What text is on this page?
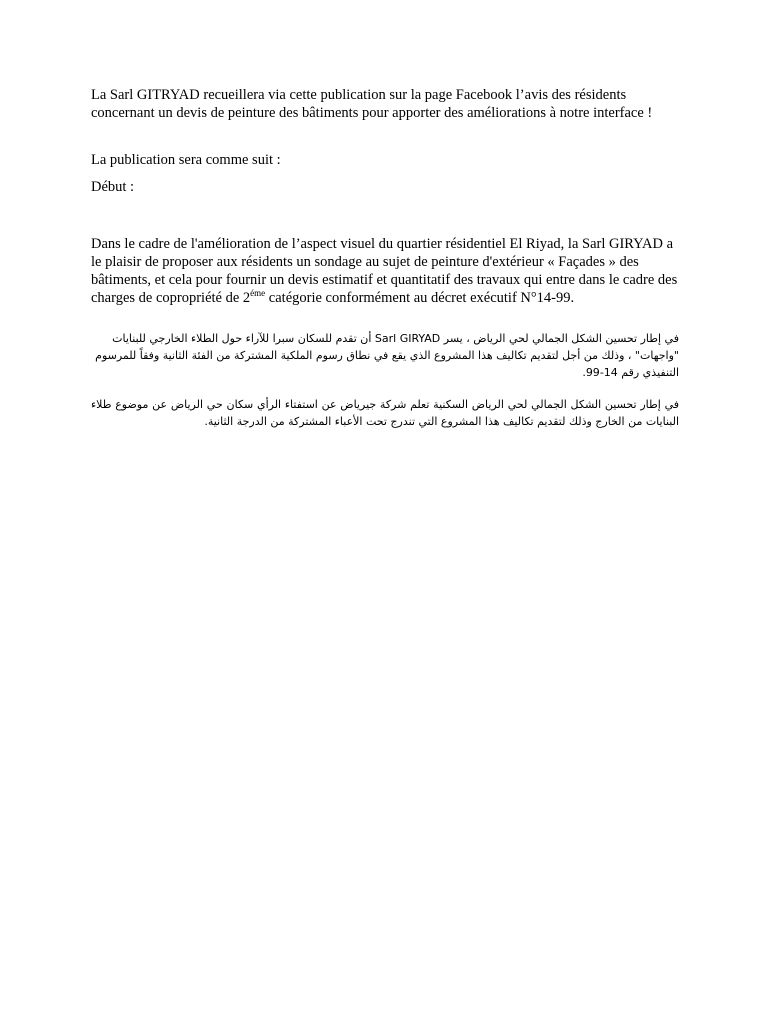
La Sarl GITRYAD recueillera via cette publication sur la page Facebook l’avis des résidents concernant un devis de peinture des bâtiments pour apporter des améliorations à notre interface !

La publication sera comme suit :

Début :

Dans le cadre de l'amélioration de l’aspect visuel du quartier résidentiel El Riyad, la Sarl GIRYAD a le plaisir de proposer aux résidents un sondage au sujet de peinture d'extérieur « Façades » des bâtiments, et cela pour fournir un devis estimatif et quantitatif des travaux qui entre dans le cadre des charges de copropriété de $2^{éme}$ catégorie conformément au décret exécutif N°14-99.

في إطار تحسين الشكل الجمالي لحي الرياض ، يسر Sarl GIRYAD أن تقدم للسكان سبرا للآراء حول الطلاء الخارجي للبنايات "واجهات" ، وذلك من أجل لتقديم تكاليف هذا المشروع الذي يقع في نطاق رسوم الملكية المشتركة من الفئة الثانية وفقاً للمرسوم التنفيذي رقم 14-99.

في إطار تحسين الشكل الجمالي لحي الرياض السكنية تعلم شركة جيرياض عن استفتاء الرأي سكان حي الرياض عن موضوع طلاء البنايات من الخارج وذلك لتقديم تكاليف هذا المشروع التي تندرج تحت الأعباء المشتركة من الدرجة الثانية.
